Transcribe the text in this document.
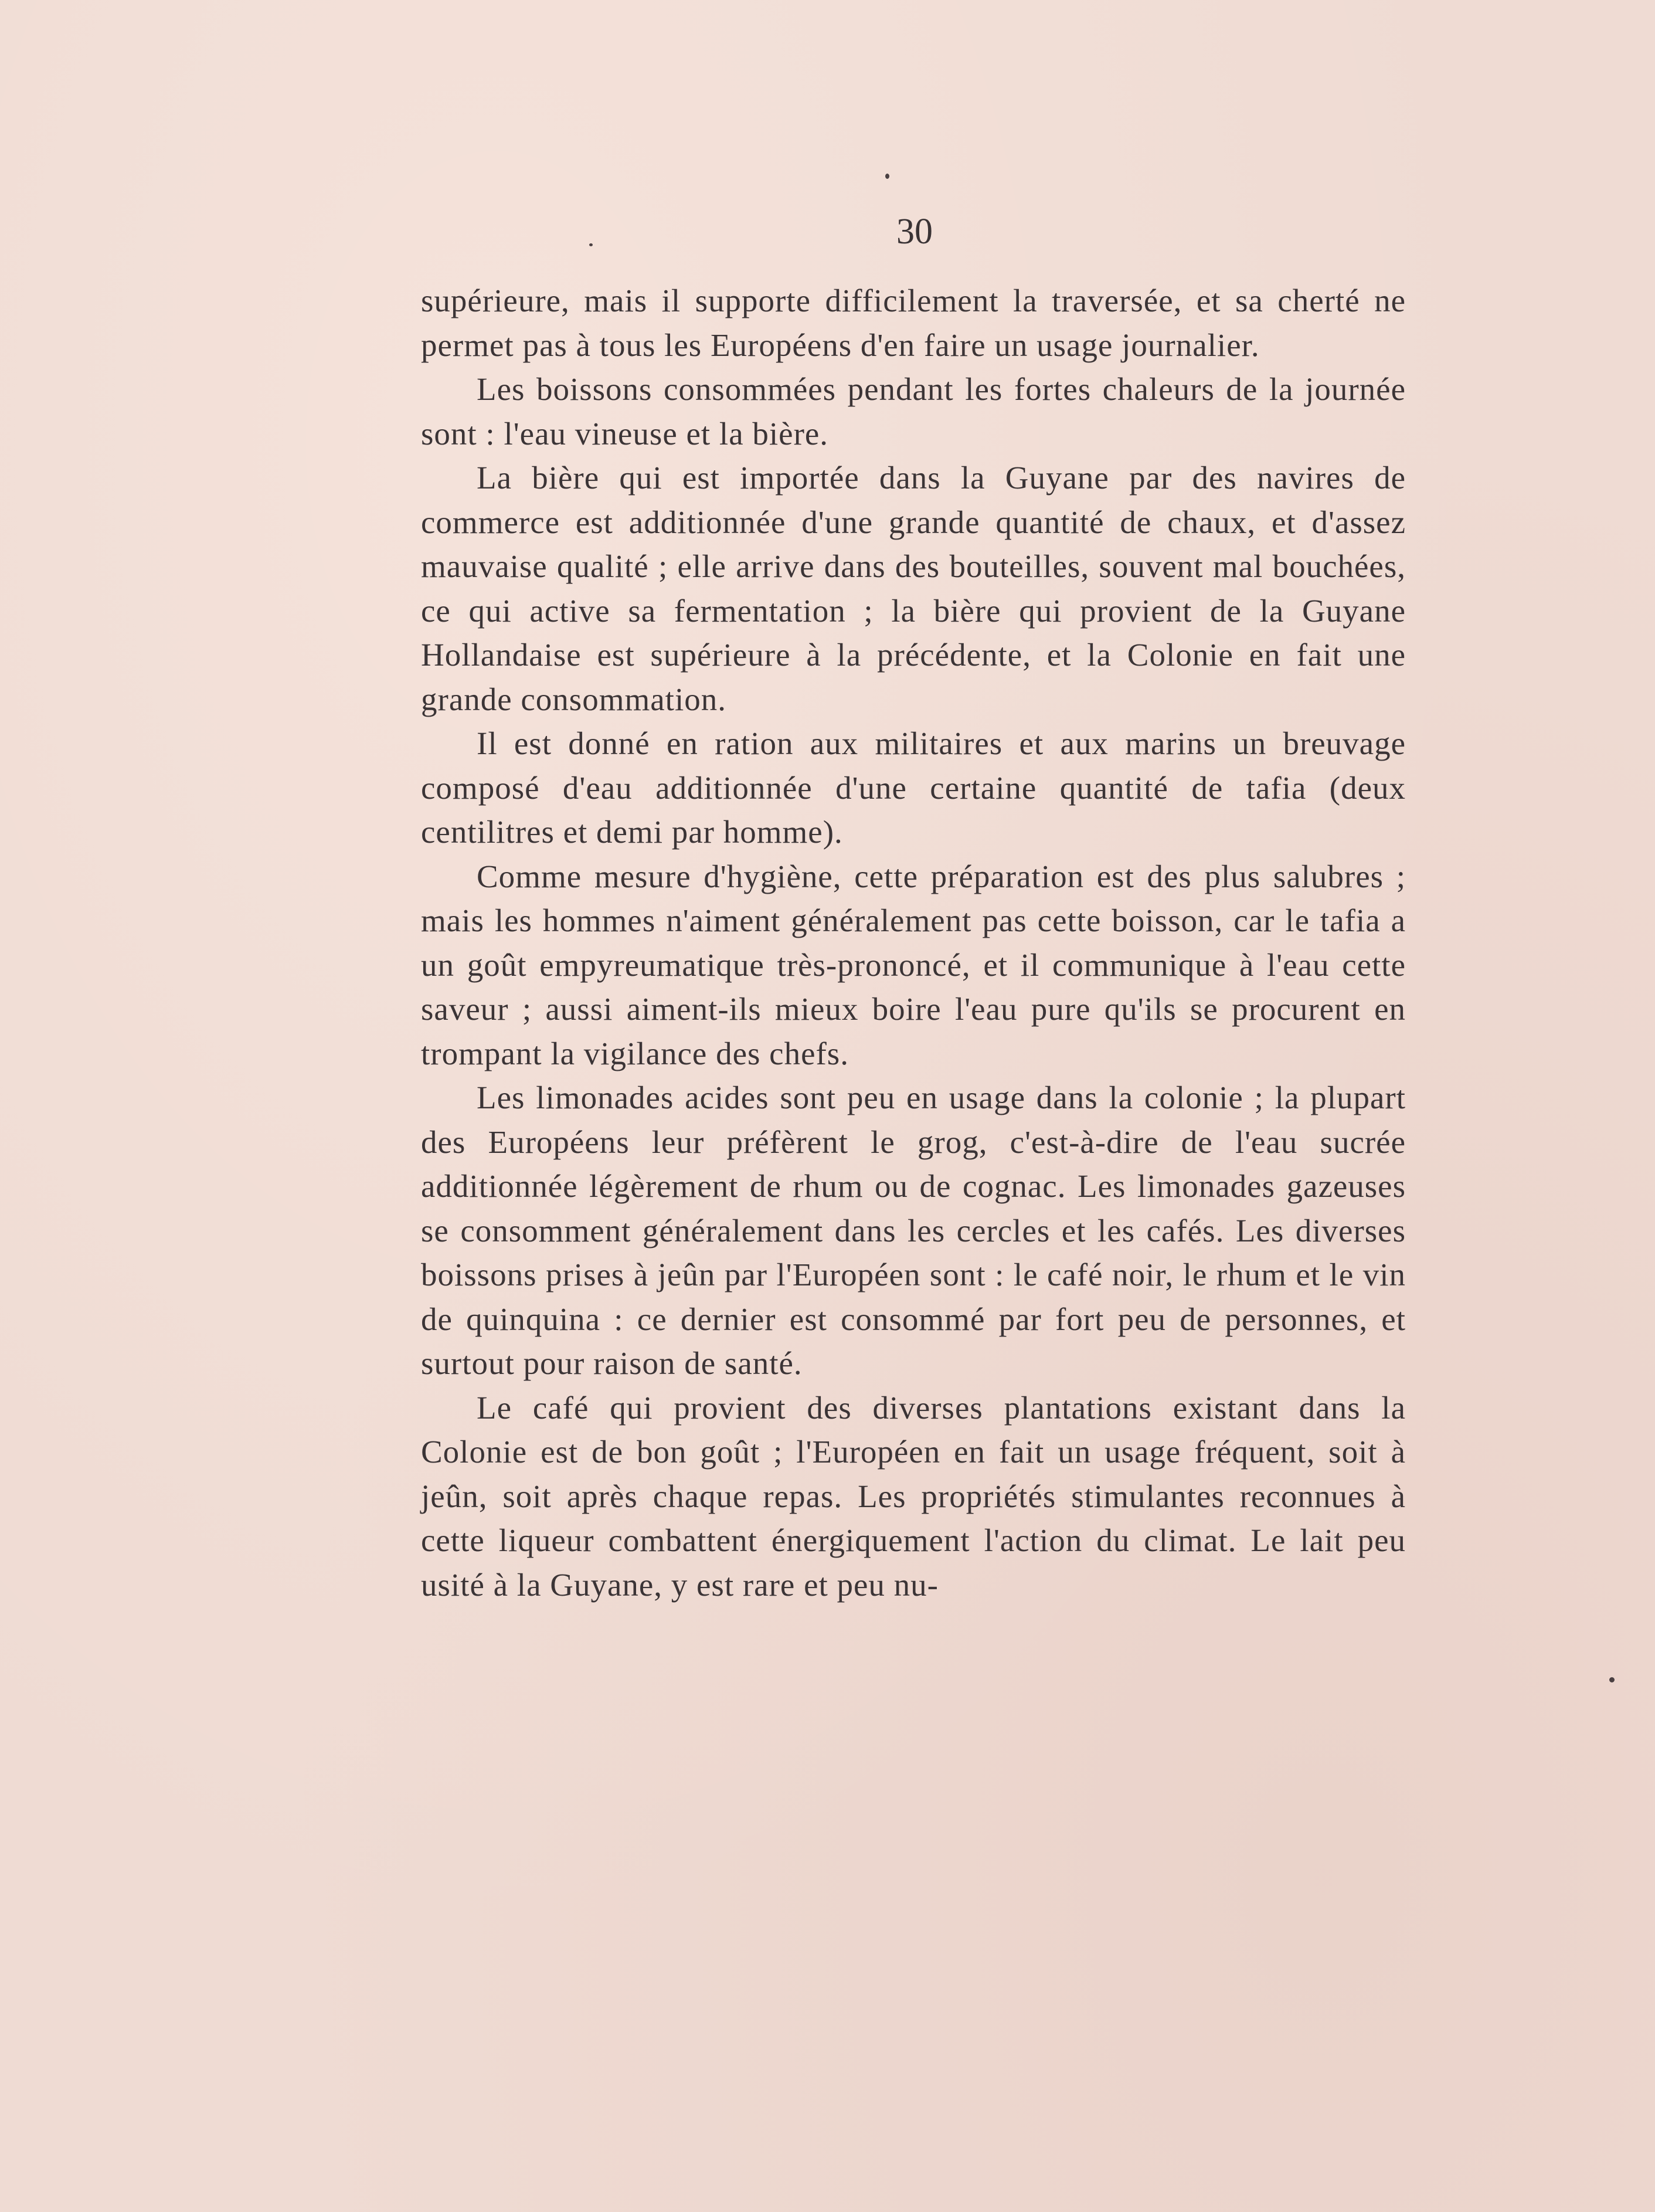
30

supérieure, mais il supporte difficilement la traversée, et sa cherté ne permet pas à tous les Européens d'en faire un usage journalier.

Les boissons consommées pendant les fortes chaleurs de la journée sont : l'eau vineuse et la bière.

La bière qui est importée dans la Guyane par des navires de commerce est additionnée d'une grande quantité de chaux, et d'assez mauvaise qualité ; elle arrive dans des bouteilles, souvent mal bouchées, ce qui active sa fermentation ; la bière qui provient de la Guyane Hollandaise est supérieure à la précédente, et la Colonie en fait une grande consommation.

Il est donné en ration aux militaires et aux marins un breuvage composé d'eau additionnée d'une certaine quantité de tafia (deux centilitres et demi par homme).

Comme mesure d'hygiène, cette préparation est des plus salubres ; mais les hommes n'aiment généralement pas cette boisson, car le tafia a un goût empyreumatique très-prononcé, et il communique à l'eau cette saveur ; aussi aiment-ils mieux boire l'eau pure qu'ils se procurent en trompant la vigilance des chefs.

Les limonades acides sont peu en usage dans la colonie ; la plupart des Européens leur préfèrent le grog, c'est-à-dire de l'eau sucrée additionnée légèrement de rhum ou de cognac. Les limonades gazeuses se consomment généralement dans les cercles et les cafés. Les diverses boissons prises à jeûn par l'Européen sont : le café noir, le rhum et le vin de quinquina : ce dernier est consommé par fort peu de personnes, et surtout pour raison de santé.

Le café qui provient des diverses plantations existant dans la Colonie est de bon goût ; l'Européen en fait un usage fréquent, soit à jeûn, soit après chaque repas. Les propriétés stimulantes reconnues à cette liqueur combattent énergiquement l'action du climat. Le lait peu usité à la Guyane, y est rare et peu nu-
